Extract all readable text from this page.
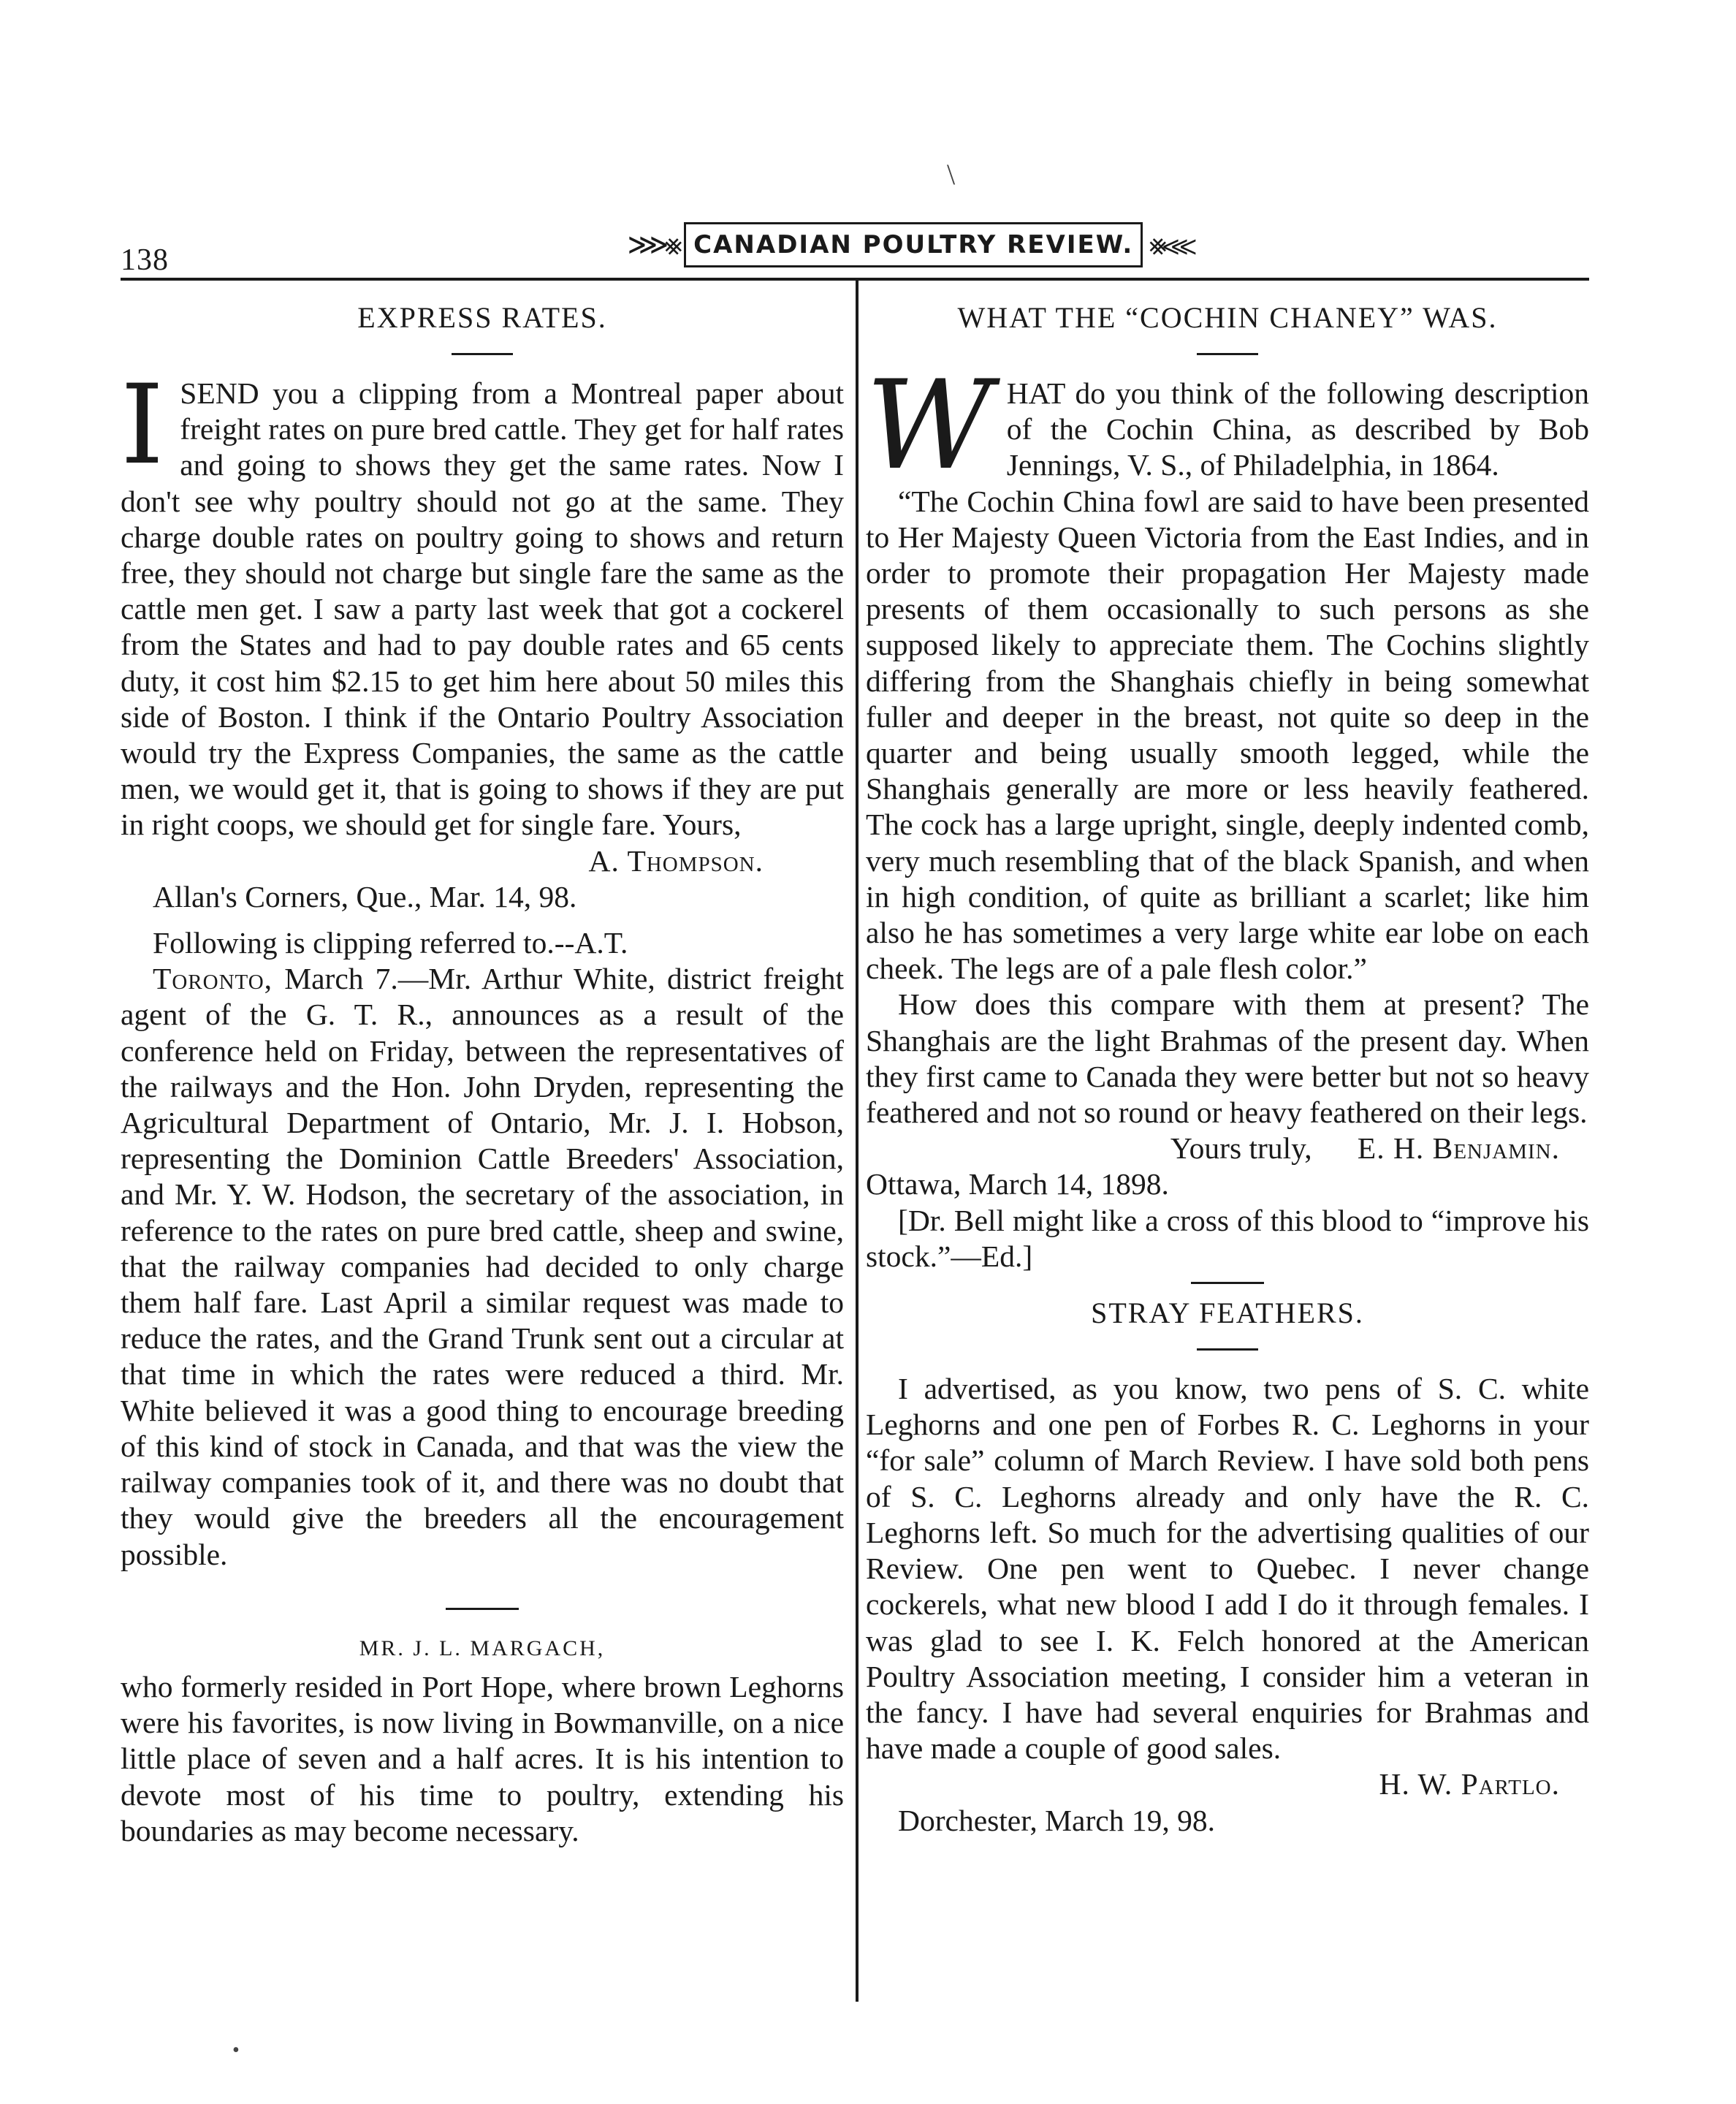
\
138	⋙⨳ CANADIAN POULTRY REVIEW. ⨳⋘
EXPRESS RATES.
I SEND you a clipping from a Montreal paper about freight rates on pure bred cattle. They get for half rates and going to shows they get the same rates. Now I don't see why poultry should not go at the same. They charge double rates on poultry going to shows and return free, they should not charge but single fare the same as the cattle men get. I saw a party last week that got a cockerel from the States and had to pay double rates and 65 cents duty, it cost him $2.15 to get him here about 50 miles this side of Boston. I think if the Ontario Poultry Association would try the Express Companies, the same as the cattle men, we would get it, that is going to shows if they are put in right coops, we should get for single fare. Yours,

A. Thompson.

Allan's Corners, Que., Mar. 14, 98.

Following is clipping referred to.--A.T.

Toronto, March 7.—Mr. Arthur White, district freight agent of the G. T. R., announces as a result of the conference held on Friday, between the representatives of the railways and the Hon. John Dryden, representing the Agricultural Department of Ontario, Mr. J. I. Hobson, representing the Dominion Cattle Breeders' Association, and Mr. Y. W. Hodson, the secretary of the association, in reference to the rates on pure bred cattle, sheep and swine, that the railway companies had decided to only charge them half fare. Last April a similar request was made to reduce the rates, and the Grand Trunk sent out a circular at that time in which the rates were reduced a third. Mr. White believed it was a good thing to encourage breeding of this kind of stock in Canada, and that was the view the railway companies took of it, and there was no doubt that they would give the breeders all the encouragement possible.

MR. J. L. MARGACH,

who formerly resided in Port Hope, where brown Leghorns were his favorites, is now living in Bowmanville, on a nice little place of seven and a half acres. It is his intention to devote most of his time to poultry, extending his boundaries as may become necessary.

WHAT THE “COCHIN CHANEY” WAS.
W HAT do you think of the following description of the Cochin China, as described by Bob Jennings, V. S., of Philadelphia, in 1864.

“The Cochin China fowl are said to have been presented to Her Majesty Queen Victoria from the East Indies, and in order to promote their propagation Her Majesty made presents of them occasionally to such persons as she supposed likely to appreciate them. The Cochins slightly differing from the Shanghais chiefly in being somewhat fuller and deeper in the breast, not quite so deep in the quarter and being usually smooth legged, while the Shanghais generally are more or less heavily feathered. The cock has a large upright, single, deeply indented comb, very much resembling that of the black Spanish, and when in high condition, of quite as brilliant a scarlet; like him also he has sometimes a very large white ear lobe on each cheek. The legs are of a pale flesh color.”

How does this compare with them at present? The Shanghais are the light Brahmas of the present day. When they first came to Canada they were better but not so heavy feathered and not so round or heavy feathered on their legs.

Yours truly, E. H. Benjamin.

Ottawa, March 14, 1898.

[Dr. Bell might like a cross of this blood to “improve his stock.”—Ed.]

STRAY FEATHERS.

I advertised, as you know, two pens of S. C. white Leghorns and one pen of Forbes R. C. Leghorns in your “for sale” column of March Review. I have sold both pens of S. C. Leghorns already and only have the R. C. Leghorns left. So much for the advertising qualities of our Review. One pen went to Quebec. I never change cockerels, what new blood I add I do it through females. I was glad to see I. K. Felch honored at the American Poultry Association meeting, I consider him a veteran in the fancy. I have had several enquiries for Brahmas and have made a couple of good sales.

H. W. Partlo.

Dorchester, March 19, 98.

•
